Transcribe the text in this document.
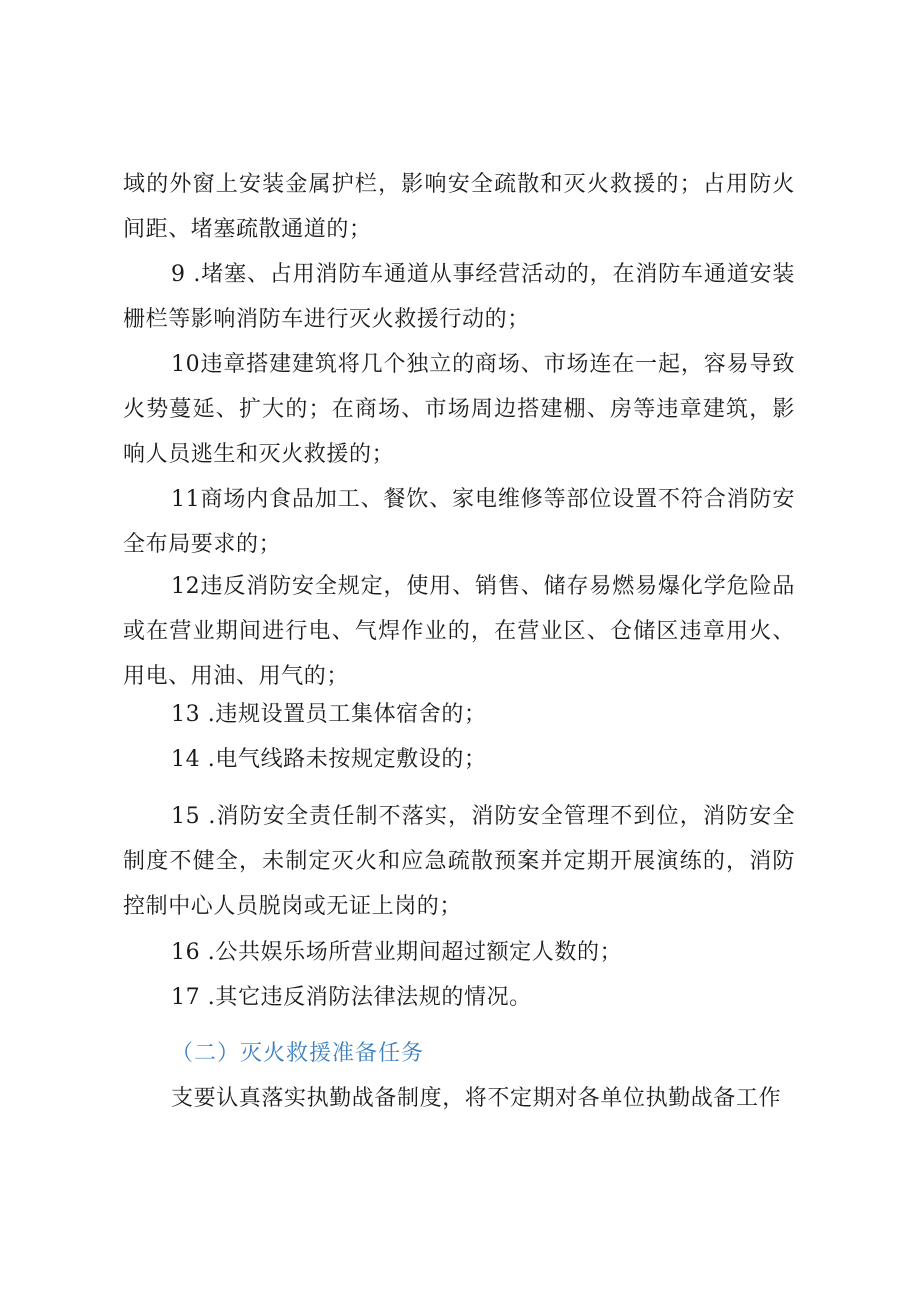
域的外窗上安装金属护栏，影响安全疏散和灭火救援的；占用防火间距、堵塞疏散通道的；

9 .堵塞、占用消防车通道从事经营活动的，在消防车通道安装栅栏等影响消防车进行灭火救援行动的；

10违章搭建建筑将几个独立的商场、市场连在一起，容易导致火势蔓延、扩大的；在商场、市场周边搭建棚、房等违章建筑，影响人员逃生和灭火救援的；

11商场内食品加工、餐饮、家电维修等部位设置不符合消防安全布局要求的；

12违反消防安全规定，使用、销售、储存易燃易爆化学危险品或在营业期间进行电、气焊作业的，在营业区、仓储区违章用火、用电、用油、用气的；

13 .违规设置员工集体宿舍的；

14 .电气线路未按规定敷设的；

15 .消防安全责任制不落实，消防安全管理不到位，消防安全制度不健全，未制定灭火和应急疏散预案并定期开展演练的，消防控制中心人员脱岗或无证上岗的；

16 .公共娱乐场所营业期间超过额定人数的；

17 .其它违反消防法律法规的情况。

（二）灭火救援准备任务

支要认真落实执勤战备制度，将不定期对各单位执勤战备工作
